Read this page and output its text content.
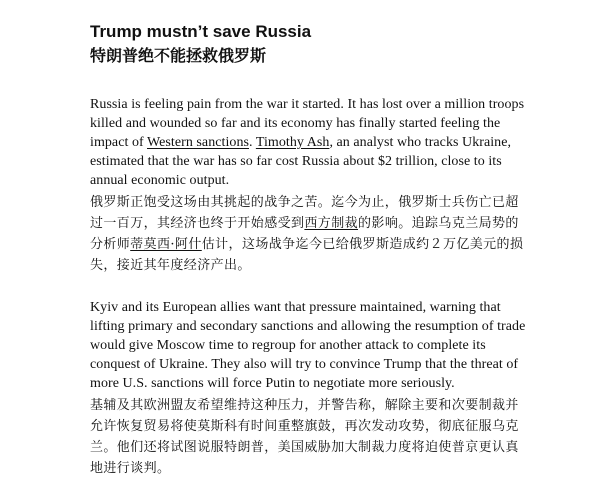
Trump mustn’t save Russia
特朗普绝不能拯救俄罗斯

Russia is feeling pain from the war it started. It has lost over a million troops killed and wounded so far and its economy has finally started feeling the impact of Western sanctions. Timothy Ash, an analyst who tracks Ukraine, estimated that the war has so far cost Russia about $2 trillion, close to its annual economic output.

俄罗斯正饱受这场由其挑起的战争之苦。迄今为止，俄罗斯士兵伤亡已超过一百万，其经济也终于开始感受到西方制裁的影响。追踪乌克兰局势的分析师蒂莫西·阿什估计，这场战争迄今已给俄罗斯造成约２万亿美元的损失，接近其年度经济产出。

Kyiv and its European allies want that pressure maintained, warning that lifting primary and secondary sanctions and allowing the resumption of trade would give Moscow time to regroup for another attack to complete its conquest of Ukraine. They also will try to convince Trump that the threat of more U.S. sanctions will force Putin to negotiate more seriously.

基辅及其欧洲盟友希望维持这种压力，并警告称，解除主要和次要制裁并允许恢复贸易将使莫斯科有时间重整旗鼓，再次发动攻势，彻底征服乌克兰。他们还将试图说服特朗普，美国威胁加大制裁力度将迫使普京更认真地进行谈判。
